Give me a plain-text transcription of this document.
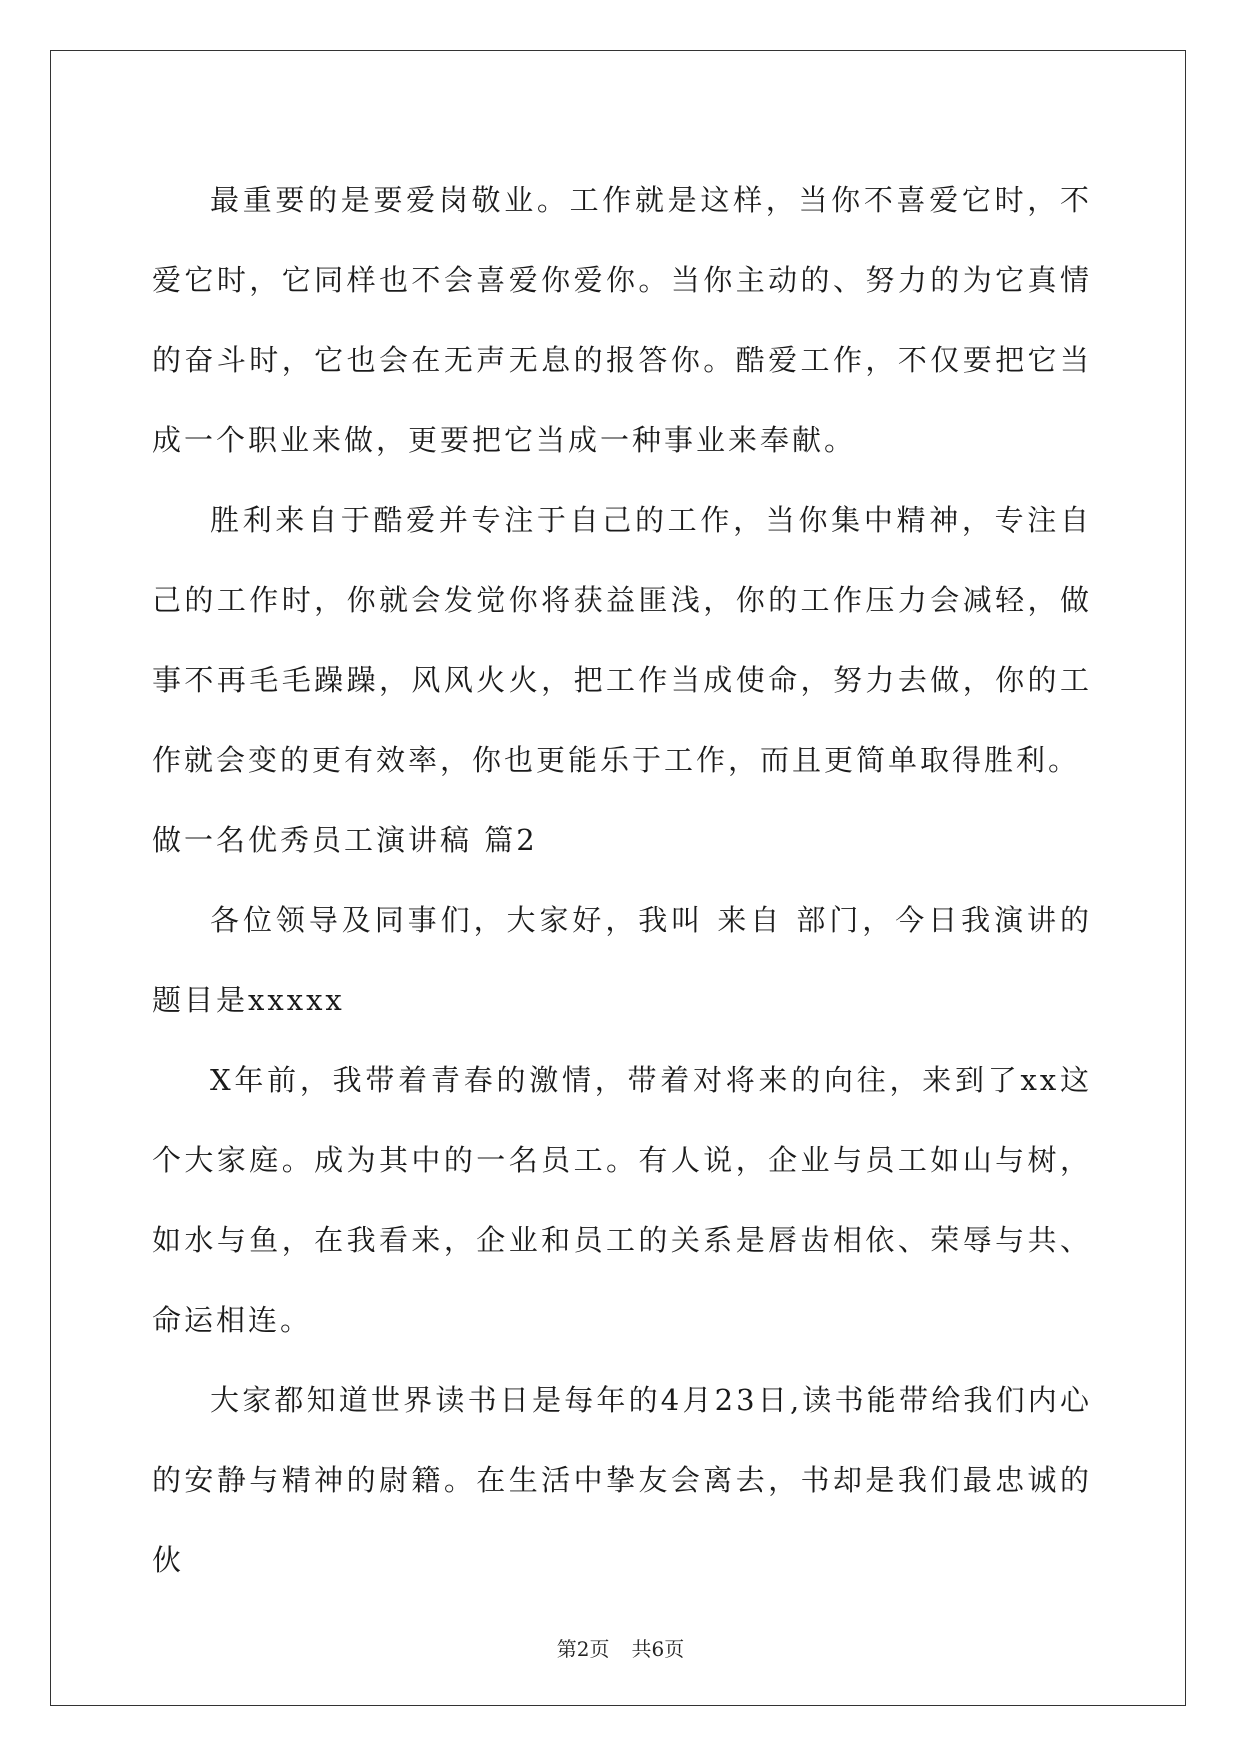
最重要的是要爱岗敬业。工作就是这样，当你不喜爱它时，不爱它时，它同样也不会喜爱你爱你。当你主动的、努力的为它真情的奋斗时，它也会在无声无息的报答你。酷爱工作，不仅要把它当成一个职业来做，更要把它当成一种事业来奉献。

胜利来自于酷爱并专注于自己的工作，当你集中精神，专注自己的工作时，你就会发觉你将获益匪浅，你的工作压力会减轻，做事不再毛毛躁躁，风风火火，把工作当成使命，努力去做，你的工作就会变的更有效率，你也更能乐于工作，而且更简单取得胜利。

做一名优秀员工演讲稿 篇2

各位领导及同事们，大家好，我叫 来自 部门，今日我演讲的题目是xxxxx

X年前，我带着青春的激情，带着对将来的向往，来到了xx这个大家庭。成为其中的一名员工。有人说，企业与员工如山与树，如水与鱼，在我看来，企业和员工的关系是唇齿相依、荣辱与共、命运相连。

大家都知道世界读书日是每年的4月23日,读书能带给我们内心的安静与精神的尉籍。在生活中挚友会离去，书却是我们最忠诚的伙

第2页 共6页
